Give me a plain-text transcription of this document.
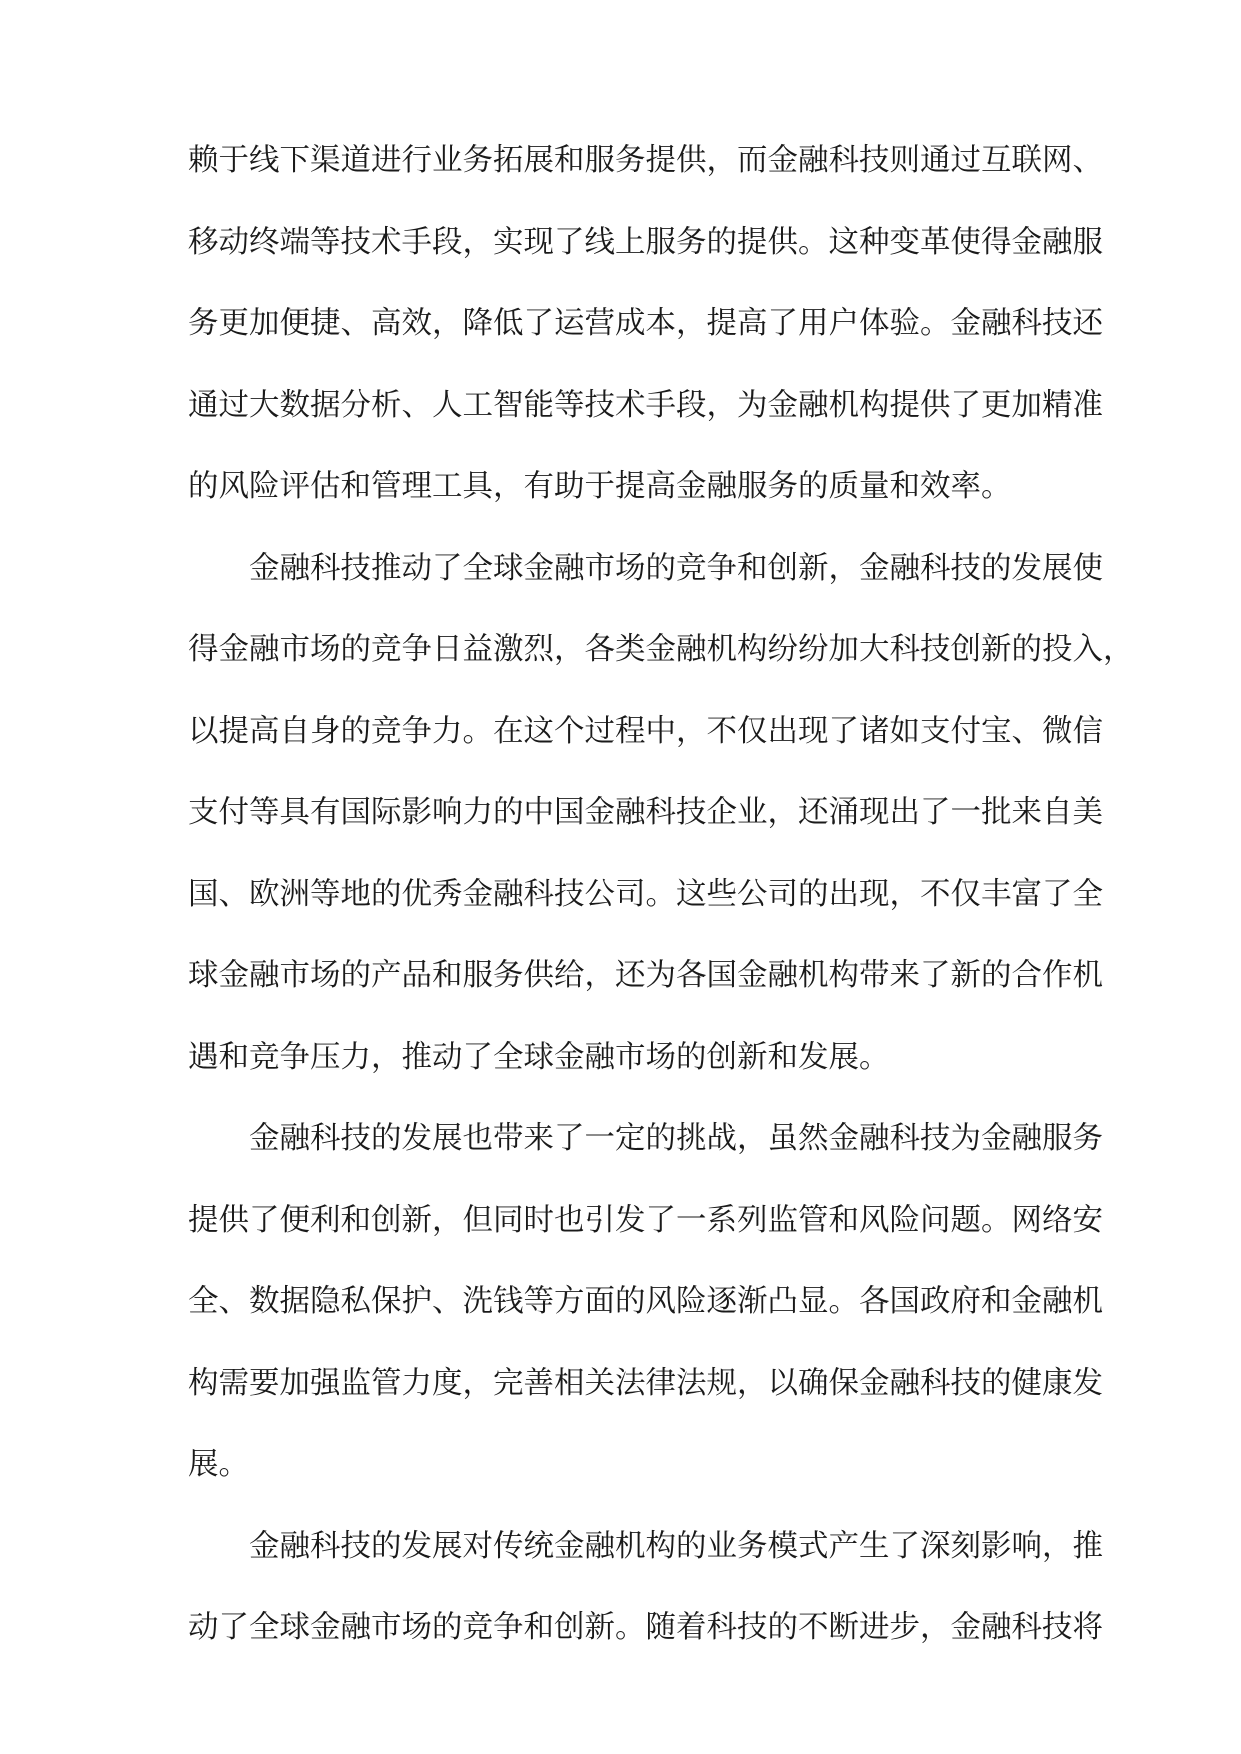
赖于线下渠道进行业务拓展和服务提供，而金融科技则通过互联网、
移动终端等技术手段，实现了线上服务的提供。这种变革使得金融服
务更加便捷、高效，降低了运营成本，提高了用户体验。金融科技还
通过大数据分析、人工智能等技术手段，为金融机构提供了更加精准
的风险评估和管理工具，有助于提高金融服务的质量和效率。
金融科技推动了全球金融市场的竞争和创新，金融科技的发展使
得金融市场的竞争日益激烈，各类金融机构纷纷加大科技创新的投入，
以提高自身的竞争力。在这个过程中，不仅出现了诸如支付宝、微信
支付等具有国际影响力的中国金融科技企业，还涌现出了一批来自美
国、欧洲等地的优秀金融科技公司。这些公司的出现，不仅丰富了全
球金融市场的产品和服务供给，还为各国金融机构带来了新的合作机
遇和竞争压力，推动了全球金融市场的创新和发展。
金融科技的发展也带来了一定的挑战，虽然金融科技为金融服务
提供了便利和创新，但同时也引发了一系列监管和风险问题。网络安
全、数据隐私保护、洗钱等方面的风险逐渐凸显。各国政府和金融机
构需要加强监管力度，完善相关法律法规，以确保金融科技的健康发
展。
金融科技的发展对传统金融机构的业务模式产生了深刻影响，推
动了全球金融市场的竞争和创新。随着科技的不断进步，金融科技将
